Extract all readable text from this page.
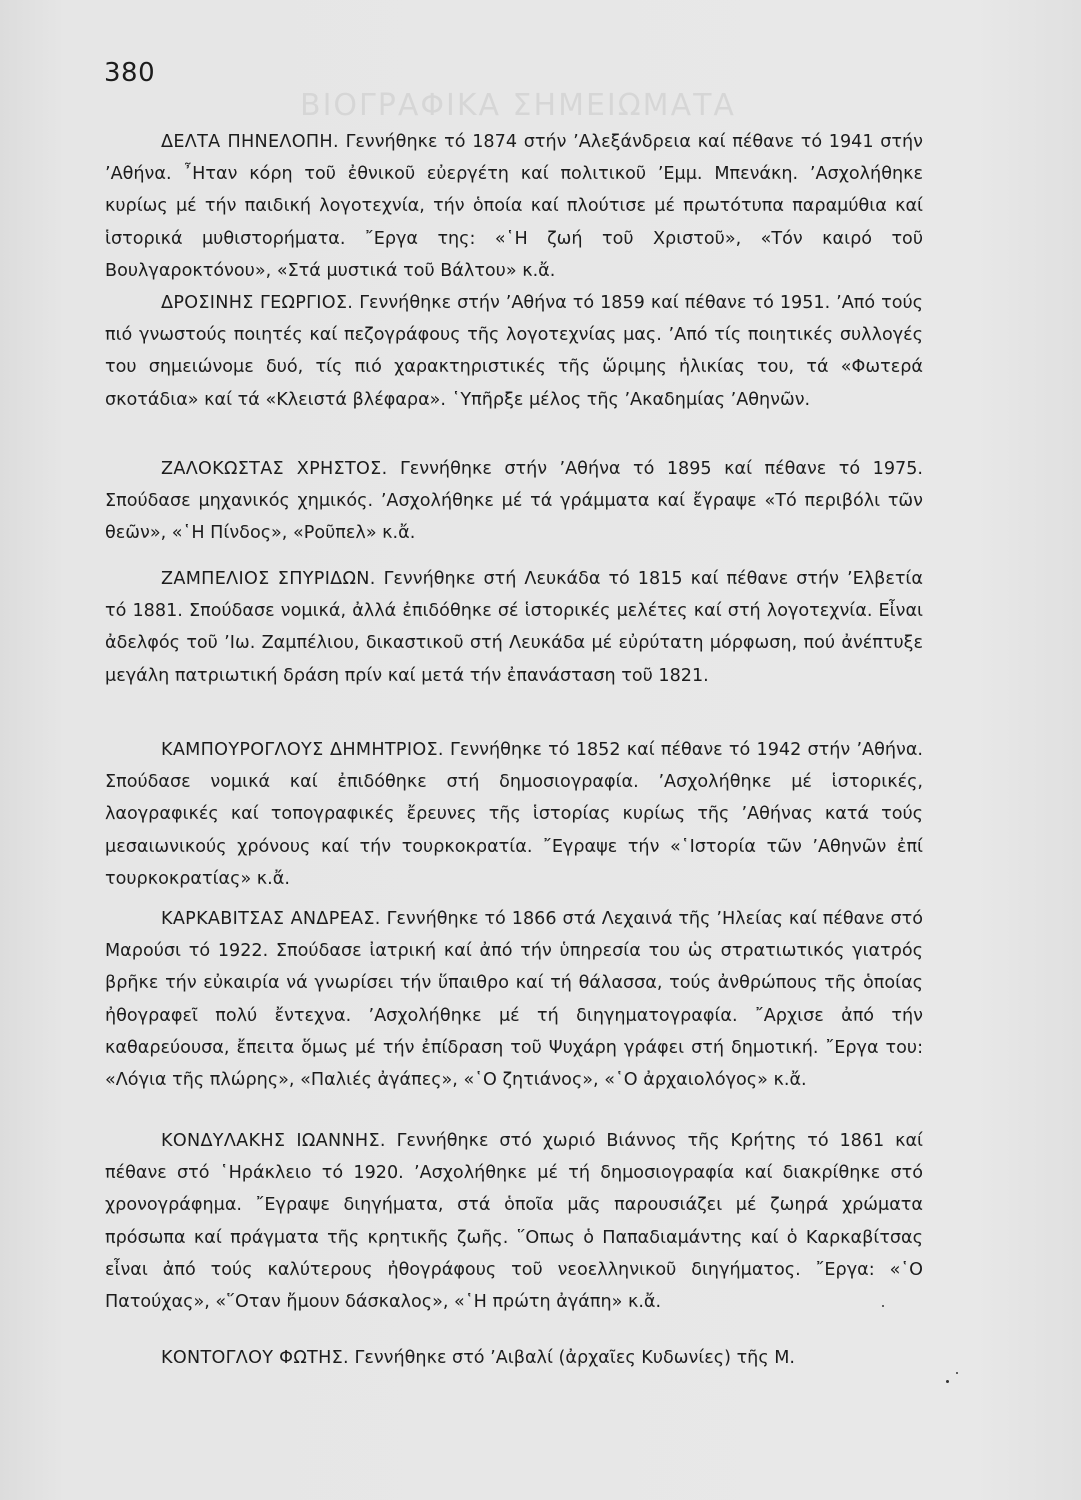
ΒΙΟΓΡΑΦΙΚΑ ΣΗΜΕΙΩΜΑΤΑ
380

ΔΕΛΤΑ ΠΗΝΕΛΟΠΗ. Γεννήθηκε τό 1874 στήν ’Αλεξάνδρεια καί πέθανε τό 1941 στήν ’Αθήνα. ῏Ηταν κόρη τοῦ ἐθνικοῦ εὐεργέτη καί πολιτικοῦ ’Εμμ. Μπενάκη. ’Ασχολήθηκε κυρίως μέ τήν παιδική λογοτεχνία, τήν ὁποία καί πλούτισε μέ πρωτότυπα παραμύθια καί ἱστορικά μυθιστορήματα. ῎Εργα της: «῾Η ζωή τοῦ Χριστοῦ», «Τόν καιρό τοῦ Βουλγαροκτόνου», «Στά μυστικά τοῦ Βάλτου» κ.ἄ.

ΔΡΟΣΙΝΗΣ ΓΕΩΡΓΙΟΣ. Γεννήθηκε στήν ’Αθήνα τό 1859 καί πέθανε τό 1951. ’Από τούς πιό γνωστούς ποιητές καί πεζογράφους τῆς λογοτεχνίας μας. ’Από τίς ποιητικές συλλογές του σημειώνομε δυό, τίς πιό χαρακτηριστικές τῆς ὥριμης ἡλικίας του, τά «Φωτερά σκοτάδια» καί τά «Κλειστά βλέφαρα». ῾Υπῆρξε μέλος τῆς ’Ακαδημίας ’Αθηνῶν.

ΖΑΛΟΚΩΣΤΑΣ ΧΡΗΣΤΟΣ. Γεννήθηκε στήν ’Αθήνα τό 1895 καί πέθανε τό 1975. Σπούδασε μηχανικός χημικός. ’Ασχολήθηκε μέ τά γράμματα καί ἔγραψε «Τό περιβόλι τῶν θεῶν», «῾Η Πίνδος», «Ρoῦπελ» κ.ἄ.

ΖΑΜΠΕΛΙΟΣ ΣΠΥΡΙΔΩΝ. Γεννήθηκε στή Λευκάδα τό 1815 καί πέθανε στήν ’Ελβετία τό 1881. Σπούδασε νομικά, ἀλλά ἐπιδόθηκε σέ ἱστορικές μελέτες καί στή λογοτεχνία. Εἶναι ἀδελφός τοῦ ’Ιω. Ζαμπέλιου, δικαστικοῦ στή Λευκάδα μέ εὐρύτατη μόρφωση, πού ἀνέπτυξε μεγάλη πατριωτική δράση πρίν καί μετά τήν ἐπανάσταση τοῦ 1821.

ΚΑΜΠΟΥΡΟΓΛΟΥΣ ΔΗΜΗΤΡΙΟΣ. Γεννήθηκε τό 1852 καί πέθανε τό 1942 στήν ’Αθήνα. Σπούδασε νομικά καί ἐπιδόθηκε στή δημοσιογραφία. ’Ασχολήθηκε μέ ἱστορικές, λαογραφικές καί τοπογραφικές ἔρευνες τῆς ἱστορίας κυρίως τῆς ’Αθήνας κατά τούς μεσαιωνικούς χρόνους καί τήν τουρκοκρατία. ῎Εγραψε τήν «῾Ιστορία τῶν ’Αθηνῶν ἐπί τουρκοκρατίας» κ.ἄ.

ΚΑΡΚΑΒΙΤΣΑΣ ΑΝΔΡΕΑΣ. Γεννήθηκε τό 1866 στά Λεχαινά τῆς ’Ηλείας καί πέθανε στό Μαρούσι τό 1922. Σπούδασε ἰατρική καί ἀπό τήν ὑπηρεσία του ὡς στρατιωτικός γιατρός βρῆκε τήν εὐκαιρία νά γνωρίσει τήν ὕπαιθρο καί τή θάλασσα, τούς ἀνθρώπους τῆς ὁποίας ἠθογραφεῖ πολύ ἔντεχνα. ’Ασχολήθηκε μέ τή διηγηματογραφία. ῎Αρχισε ἀπό τήν καθαρεύουσα, ἔπειτα ὅμως μέ τήν ἐπίδραση τοῦ Ψυχάρη γράφει στή δημοτική. ῎Εργα του: «Λόγια τῆς πλώρης», «Παλιές ἀγάπες», «῾Ο ζητιάνος», «῾Ο ἀρχαιολόγος» κ.ἄ.

ΚΟΝΔΥΛΑΚΗΣ ΙΩΑΝΝΗΣ. Γεννήθηκε στό χωριό Βιάννος τῆς Κρήτης τό 1861 καί πέθανε στό ῾Ηράκλειο τό 1920. ’Ασχολήθηκε μέ τή δημοσιογραφία καί διακρίθηκε στό χρονογράφημα. ῎Εγραψε διηγήματα, στά ὁποῖα μᾶς παρουσιάζει μέ ζωηρά χρώματα πρόσωπα καί πράγματα τῆς κρητικῆς ζωῆς. ῞Οπως ὁ Παπαδιαμάντης καί ὁ Καρκαβίτσας εἶναι ἀπό τούς καλύτερους ἠθογράφους τοῦ νεοελληνικοῦ διηγήματος. ῎Εργα: «῾Ο Πατούχας», «῞Οταν ἤμουν δάσκαλος», «῾Η πρώτη ἀγάπη» κ.ἄ.

ΚΟΝΤΟΓΛΟΥ ΦΩΤΗΣ. Γεννήθηκε στό ’Αιβαλί (ἀρχαῖες Κυδωνίες) τῆς Μ.
